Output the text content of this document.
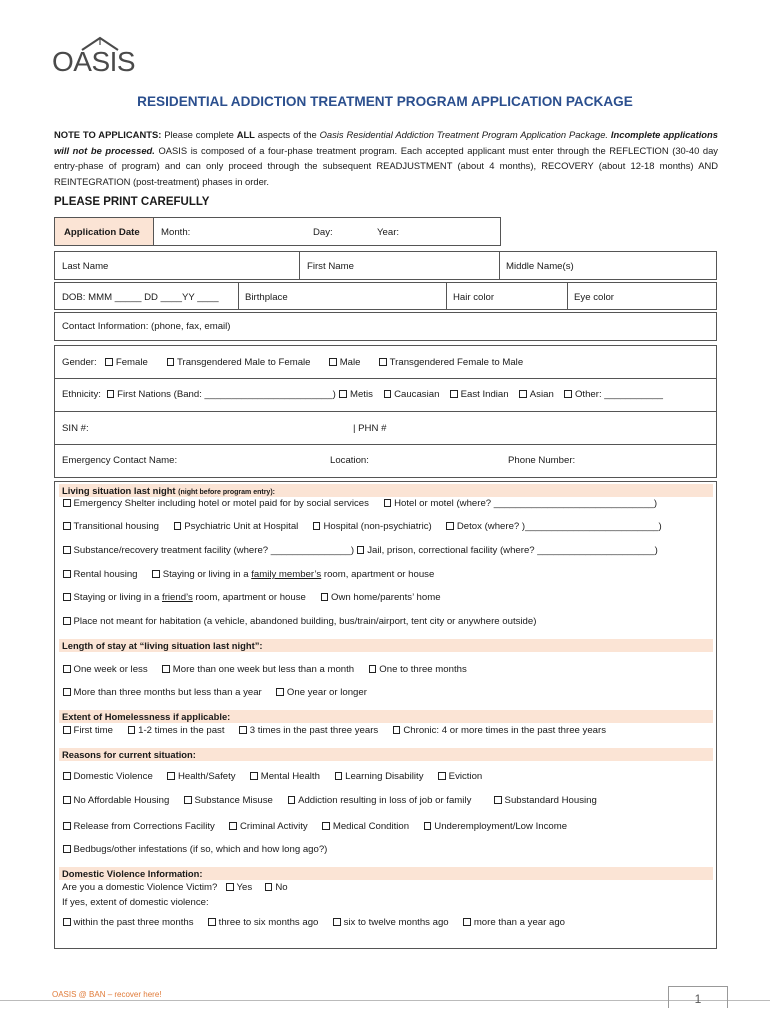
OASIS
RESIDENTIAL ADDICTION TREATMENT PROGRAM APPLICATION PACKAGE
NOTE TO APPLICANTS: Please complete ALL aspects of the Oasis Residential Addiction Treatment Program Application Package. Incomplete applications will not be processed. OASIS is composed of a four-phase treatment program. Each accepted applicant must enter through the REFLECTION (30-40 day entry-phase of program) and can only proceed through the subsequent READJUSTMENT (about 4 months), RECOVERY (about 12-18 months) AND REINTEGRATION (post-treatment) phases in order.
PLEASE PRINT CAREFULLY
Application Date	Month:	Day:	Year:
Last Name	First Name	Middle Name(s)
DOB: MMM _____ DD ____YY ____	Birthplace	Hair color	Eye color
Contact Information: (phone, fax, email)
Gender: Female	Transgendered Male to Female	Male	Transgendered Female to Male
Ethnicity: First Nations (Band: ________________________) Metis Caucasian East Indian Asian Other: ___________
SIN #:	| PHN #
Emergency Contact Name:	Location:	Phone Number:
Living situation last night (night before program entry):
Emergency Shelter including hotel or motel paid for by social services	Hotel or motel (where? ______________________________)
Transitional housing	Psychiatric Unit at Hospital	Hospital (non-psychiatric)	Detox (where? )_________________________)
Substance/recovery treatment facility (where? _______________) Jail, prison, correctional facility (where? ______________________)
Rental housing	Staying or living in a family member’s room, apartment or house
Staying or living in a friend’s room, apartment or house	Own home/parents’ home
Place not meant for habitation (a vehicle, abandoned building, bus/train/airport, tent city or anywhere outside)
Length of stay at “living situation last night”:
One week or less	More than one week but less than a month	One to three months
More than three months but less than a year	One year or longer
Extent of Homelessness if applicable:
First time	1-2 times in the past	3 times in the past three years	Chronic: 4 or more times in the past three years
Reasons for current situation:
Domestic Violence	Health/Safety	Mental Health	Learning Disability	Eviction
No Affordable Housing	Substance Misuse	Addiction resulting in loss of job or family	Substandard Housing
Release from Corrections Facility	Criminal Activity	Medical Condition	Underemployment/Low Income
Bedbugs/other infestations (if so, which and how long ago?)
Domestic Violence Information:
Are you a domestic Violence Victim? Yes No
If yes, extent of domestic violence:
within the past three months	three to six months ago	six to twelve months ago	more than a year ago
OASIS @ BAN – recover here!	1
